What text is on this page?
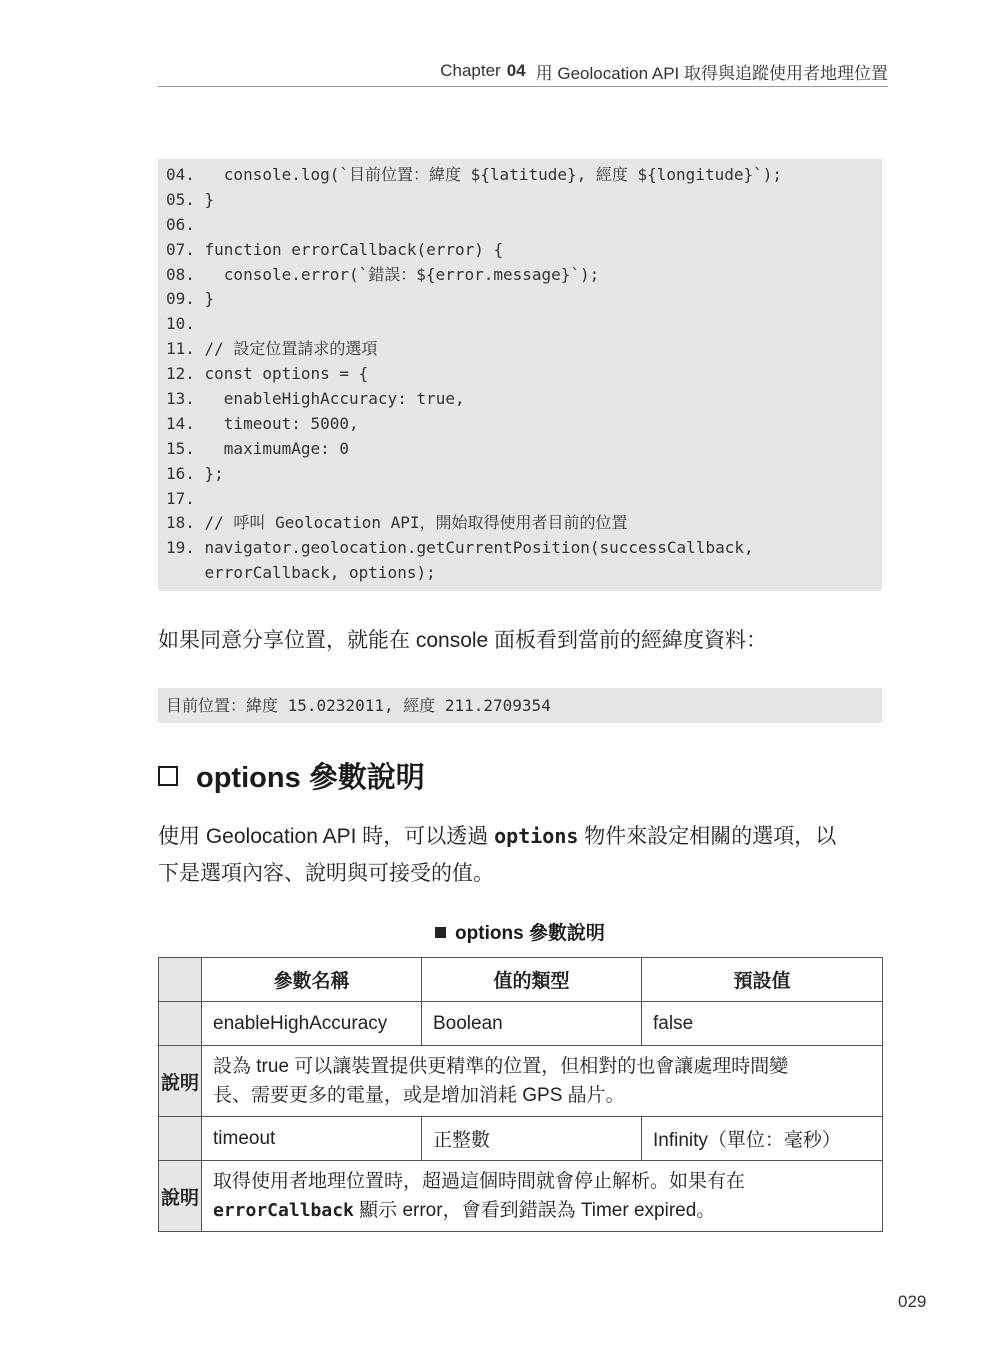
Chapter 04 用 Geolocation API 取得與追蹤使用者地理位置
04.   console.log(`目前位置：緯度 ${latitude}, 經度 ${longitude}`);
05. }
06.
07. function errorCallback(error) {
08.   console.error(`錯誤：${error.message}`);
09. }
10.
11. // 設定位置請求的選項
12. const options = {
13.   enableHighAccuracy: true,
14.   timeout: 5000,
15.   maximumAge: 0
16. };
17.
18. // 呼叫 Geolocation API，開始取得使用者目前的位置
19. navigator.geolocation.getCurrentPosition(successCallback,
errorCallback, options);
如果同意分享位置，就能在 console 面板看到當前的經緯度資料：
目前位置：緯度 15.0232011, 經度 211.2709354
options 參數說明
使用 Geolocation API 時，可以透過 options 物件來設定相關的選項，以
下是選項內容、說明與可接受的值。
options 參數說明
	參數名稱	值的類型	預設值
	enableHighAccuracy	Boolean	false
說明	設為 true 可以讓裝置提供更精準的位置，但相對的也會讓處理時間變
長、需要更多的電量，或是增加消耗 GPS 晶片。		
	timeout	正整數	Infinity（單位：毫秒）
說明	取得使用者地理位置時，超過這個時間就會停止解析。如果有在
errorCallback 顯示 error，會看到錯誤為 Timer expired。		
029
